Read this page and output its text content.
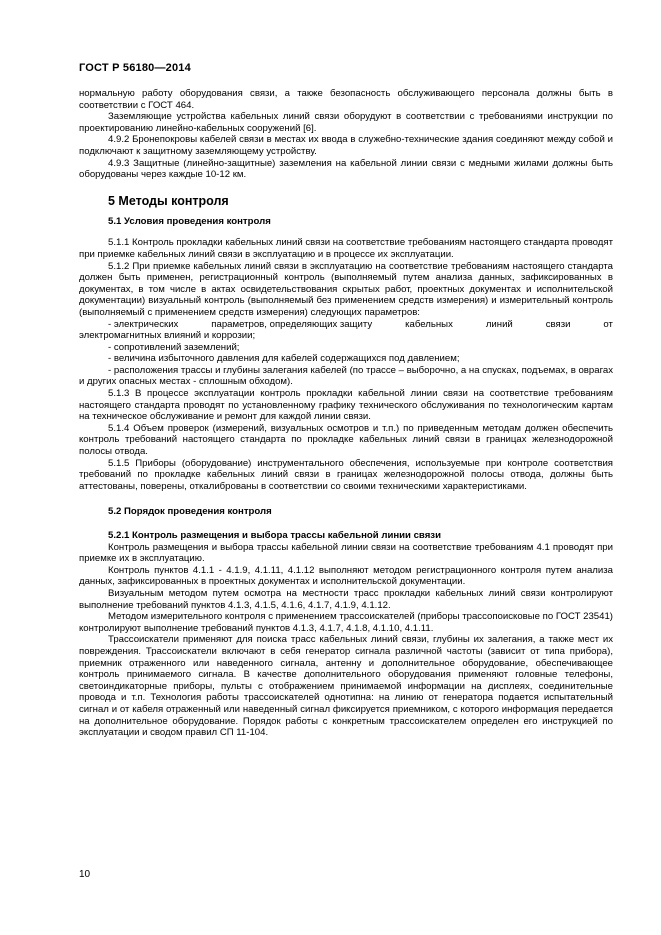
ГОСТ Р 56180—2014

нормальную работу оборудования связи, а также безопасность обслуживающего персонала должны быть в соответствии с ГОСТ 464.

Заземляющие устройства кабельных линий связи оборудуют в соответствии с требованиями инструкции по проектированию линейно-кабельных сооружений [6].

4.9.2 Бронепокровы кабелей связи в местах их ввода в служебно-технические здания соединяют между собой и подключают к защитному заземляющему устройству.

4.9.3 Защитные (линейно-защитные) заземления на кабельной линии связи с медными жилами должны быть оборудованы через каждые 10-12 км.

5 Методы контроля
5.1 Условия проведения контроля

5.1.1 Контроль прокладки кабельных линий связи на соответствие требованиям настоящего стандарта проводят при приемке кабельных линий связи в эксплуатацию и в процессе их эксплуатации.

5.1.2 При приемке кабельных линий связи в эксплуатацию на соответствие требованиям настоящего стандарта должен быть применен, регистрационный контроль (выполняемый путем анализа данных, зафиксированных в документах, в том числе в актах освидетельствования скрытых работ, проектных документах и исполнительской документации) визуальный контроль (выполняемый без применением средств измерения) и измерительный контроль (выполняемый с применением средств измерения) следующих параметров:

- электрических	параметров, определяющих защиту	кабельных	линий	связи	от

электромагнитных влияний и коррозии;

- сопротивлений заземлений;

- величина избыточного давления для кабелей содержащихся под давлением;

- расположения трассы и глубины залегания кабелей (по трассе – выборочно, а на спусках, подъемах, в оврагах и других опасных местах - сплошным обходом).

5.1.3 В процессе эксплуатации контроль прокладки кабельной линии связи на соответствие требованиям настоящего стандарта проводят по установленному графику технического обслуживания по технологическим картам на техническое обслуживание и ремонт для каждой линии связи.

5.1.4 Объем проверок (измерений, визуальных осмотров и т.п.) по приведенным методам должен обеспечить контроль требований настоящего стандарта по прокладке кабельных линий связи в границах железнодорожной полосы отвода.

5.1.5 Приборы (оборудование) инструментального обеспечения, используемые при контроле соответствия требований по прокладке кабельных линий связи в границах железнодорожной полосы отвода, должны быть аттестованы, поверены, откалиброваны в соответствии со своими техническими характеристиками.

5.2 Порядок проведения контроля
5.2.1 Контроль размещения и выбора трассы кабельной линии связи

Контроль размещения и выбора трассы кабельной линии связи на соответствие требованиям 4.1 проводят при приемке их в эксплуатацию.

Контроль пунктов 4.1.1 - 4.1.9, 4.1.11, 4.1.12 выполняют методом регистрационного контроля путем анализа данных, зафиксированных в проектных документах и исполнительской документации.

Визуальным методом путем осмотра на местности трасс прокладки кабельных линий связи контролируют выполнение требований пунктов 4.1.3, 4.1.5, 4.1.6, 4.1.7, 4.1.9, 4.1.12.

Методом измерительного контроля с применением трассоискателей (приборы трассопоисковые по ГОСТ 23541) контролируют выполнение требований пунктов 4.1.3, 4.1.7, 4.1.8, 4.1.10, 4.1.11.

Трассоискатели применяют для поиска трасс кабельных линий связи, глубины их залегания, а также мест их повреждения. Трассоискатели включают в себя генератор сигнала различной частоты (зависит от типа прибора), приемник отраженного или наведенного сигнала, антенну и дополнительное оборудование, обеспечивающее контроль принимаемого сигнала. В качестве дополнительного оборудования применяют головные телефоны, светоиндикаторные приборы, пульты с отображением принимаемой информации на дисплеях, соединительные провода и т.п. Технология работы трассоискателей однотипна: на линию от генератора подается испытательный сигнал и от кабеля отраженный или наведенный сигнал фиксируется приемником, с которого информация передается на дополнительное оборудование. Порядок работы с конкретным трассоискателем определен его инструкцией по эксплуатации и сводом правил СП 11-104.

10
